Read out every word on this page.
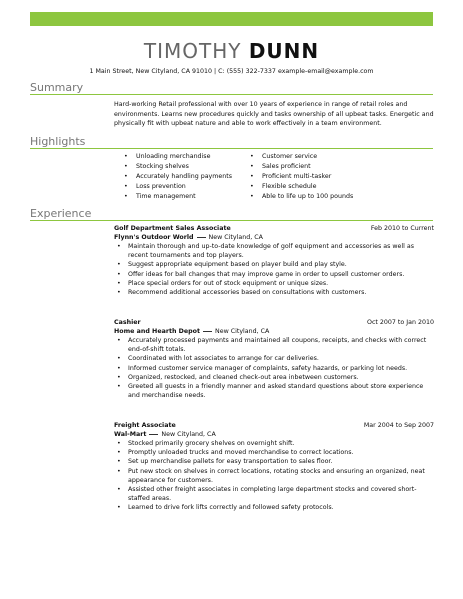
TIMOTHY DUNN
1 Main Street, New Cityland, CA 91010 | C: (555) 322-7337 example-email@example.com
Summary
Hard-working Retail professional with over 10 years of experience in range of retail roles and environments. Learns new procedures quickly and tasks ownership of all upbeat tasks. Energetic and physically fit with upbeat nature and able to work effectively in a team environment.
Highlights
• Unloading merchandise
• Stocking shelves
• Accurately handling payments
• Loss prevention
• Time management
• Customer service
• Sales proficient
• Proficient multi-tasker
• Flexible schedule
• Able to life up to 100 pounds
Experience
Golf Department Sales Associate	Feb 2010 to Current
Flynn's Outdoor World New Cityland, CA
• Maintain thorough and up-to-date knowledge of golf equipment and accessories as well as recent tournaments and top players.
• Suggest appropriate equipment based on player build and play style.
• Offer ideas for ball changes that may improve game in order to upsell customer orders.
• Place special orders for out of stock equipment or unique sizes.
• Recommend additional accessories based on consultations with customers.
Cashier	Oct 2007 to Jan 2010
Home and Hearth Depot New Cityland, CA
• Accurately processed payments and maintained all coupons, receipts, and checks with correct end-of-shift totals.
• Coordinated with lot associates to arrange for car deliveries.
• Informed customer service manager of complaints, safety hazards, or parking lot needs.
• Organized, restocked, and cleaned check-out area inbetween customers.
• Greeted all guests in a friendly manner and asked standard questions about store experience and merchandise needs.
Freight Associate	Mar 2004 to Sep 2007
Wal-Mart New Cityland, CA
• Stocked primarily grocery shelves on overnight shift.
• Promptly unloaded trucks and moved merchandise to correct locations.
• Set up merchandise pallets for easy transportation to sales floor.
• Put new stock on shelves in correct locations, rotating stocks and ensuring an organized, neat appearance for customers.
• Assisted other freight associates in completing large department stocks and covered short-staffed areas.
• Learned to drive fork lifts correctly and followed safety protocols.
